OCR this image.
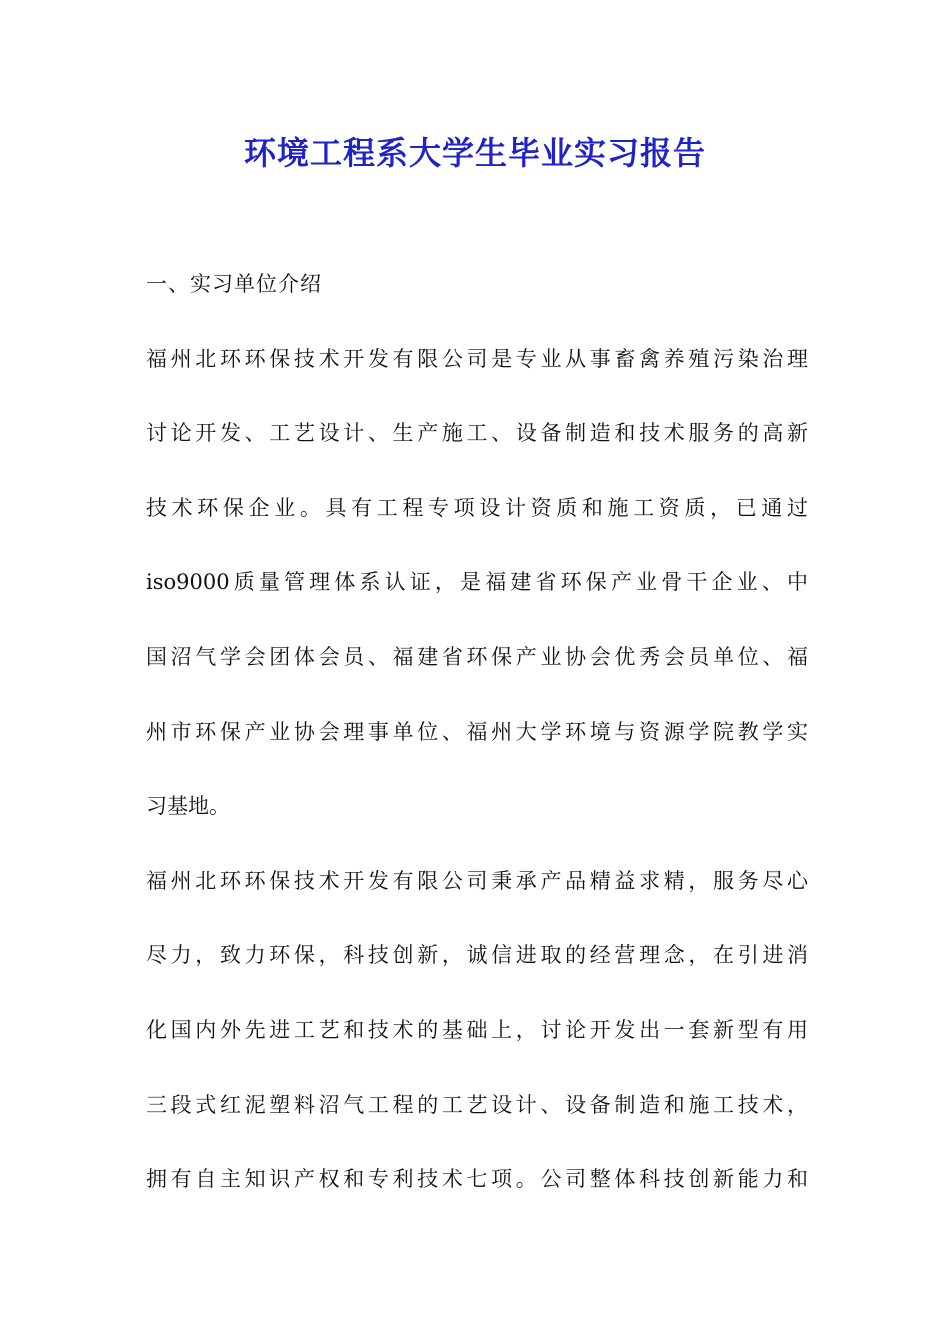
环境工程系大学生毕业实习报告

一、实习单位介绍

福州北环环保技术开发有限公司是专业从事畜禽养殖污染治理

讨论开发、工艺设计、生产施工、设备制造和技术服务的高新

技术环保企业。具有工程专项设计资质和施工资质，已通过

iso9000质量管理体系认证，是福建省环保产业骨干企业、中

国沼气学会团体会员、福建省环保产业协会优秀会员单位、福

州市环保产业协会理事单位、福州大学环境与资源学院教学实

习基地。

福州北环环保技术开发有限公司秉承产品精益求精，服务尽心

尽力，致力环保，科技创新，诚信进取的经营理念，在引进消

化国内外先进工艺和技术的基础上，讨论开发出一套新型有用

三段式红泥塑料沼气工程的工艺设计、设备制造和施工技术，

拥有自主知识产权和专利技术七项。公司整体科技创新能力和
